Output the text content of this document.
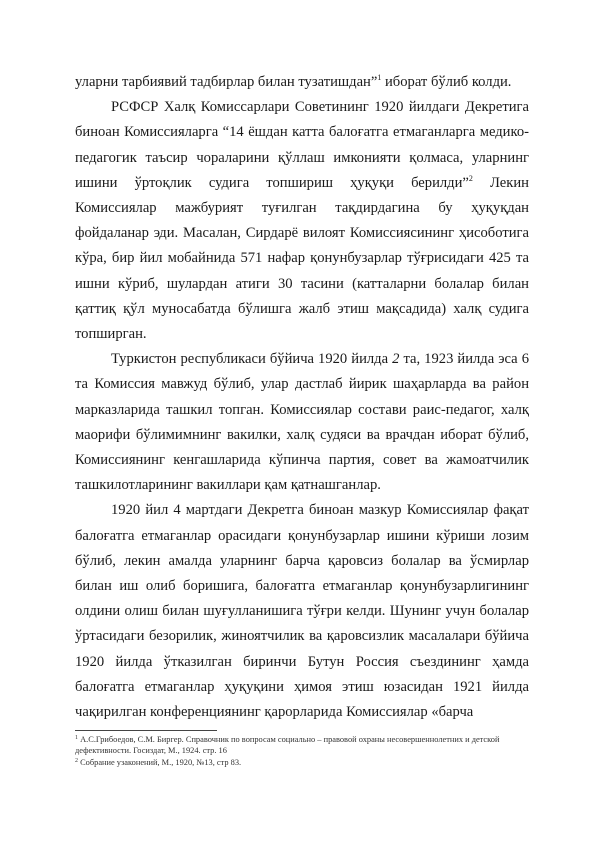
уларни тарбиявий тадбирлар билан тузатишдан”$^1$ иборат бўлиб колди.

РСФСР Халқ Комиссарлари Советининг 1920 йилдаги Декретига биноан Комиссияларга “14 ёшдан катта балоғатга етмаганларга медико-педагогик таъсир чораларини қўллаш имконияти қолмаса, уларнинг ишини ўртоқлик судига топшириш ҳуқуқи берилди”$^2$ Лекин Комиссиялар мажбурият туғилган тақдирдагина бу ҳуқуқдан фойдаланар эди. Масалан, Сирдарё вилоят Комиссиясининг ҳисоботига кўра, бир йил мобайнида 571 нафар қонунбузарлар тўғрисидаги 425 та ишни кўриб, шулардан атиги 30 тасини (катталарни болалар билан қаттиқ қўл муносабатда бўлишга жалб этиш мақсадида) халқ судига топширган.

Туркистон республикаси бўйича 1920 йилда 2 та, 1923 йилда эса 6 та Комиссия мавжуд бўлиб, улар дастлаб йирик шаҳарларда ва район марказларида ташкил топган. Комиссиялар состави раис-педагог, халқ маорифи бўлимимнинг вакилки, халқ судяси ва врачдан иборат бўлиб, Комиссиянинг кенгашларида кўпинча партия, совет ва жамоатчилик ташкилотларининг вакиллари қам қатнашганлар.

1920 йил 4 мартдаги Декретга биноан мазкур Комиссиялар фақат балоғатга етмаганлар орасидаги қонунбузарлар ишини кўриши лозим бўлиб, лекин амалда уларнинг барча қаровсиз болалар ва ўсмирлар билан иш олиб боришига, балоғатга етмаганлар қонунбузарлигининг олдини олиш билан шуғулланишига тўғри келди. Шунинг учун болалар ўртасидаги безорилик, жиноятчилик ва қаровсизлик масалалари бўйича 1920 йилда ўтказилган биринчи Бутун Россия съездининг ҳамда балоғатга етмаганлар ҳуқуқини ҳимоя этиш юзасидан 1921 йилда чақирилган конференциянинг қарорларида Комиссиялар «барча

$^1$ А.С.Грибоедов, С.М. Биргер. Справочник по вопросам социально – правовой охраны несовершеннолетних и детской дефективности. Госиздат, М., 1924. стр. 16

$^2$ Собрание узаконений, М., 1920, №13, стр 83.
